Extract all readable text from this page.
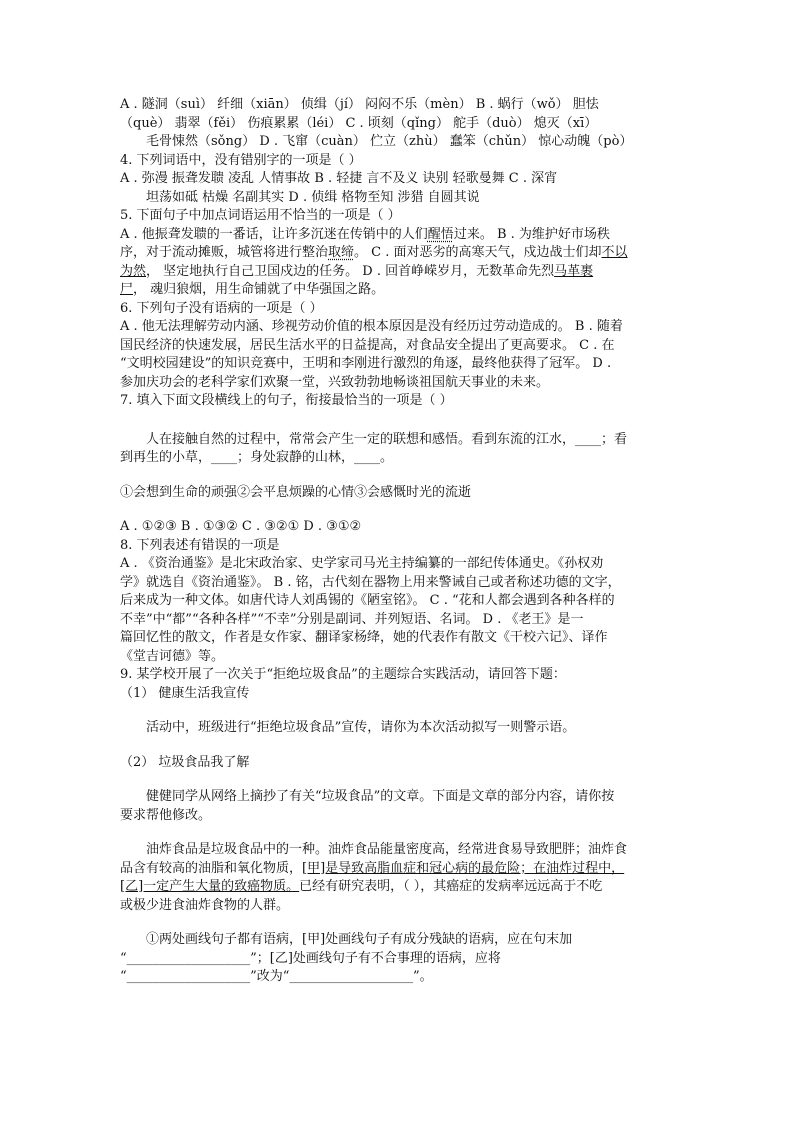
A . 隧洞（suì） 纤细（xiān） 侦缉（jí） 闷闷不乐（mèn） B . 蜗行（wǒ） 胆怯

（què） 翡翠（fěi） 伤痕累累（léi） C . 顷刻（qǐng） 舵手（duò） 熄灭（xī）

毛骨悚然（sǒng） D . 飞窜（cuàn） 伫立（zhù） 蠢笨（chǔn） 惊心动魄（pò）

4. 下列词语中，没有错别字的一项是（ ）

A . 弥漫 振聋发聩 凌乱 人情事故 B . 轻捷 言不及义 诀别 轻歌曼舞 C . 深宵

坦荡如砥 枯燥 名副其实 D . 侦缉 格物至知 涉猎 自圆其说

5. 下面句子中加点词语运用不恰当的一项是（ ）

A . 他振聋发聩的一番话，让许多沉迷在传销中的人们醒悟过来。 B . 为维护好市场秩

序，对于流动摊贩，城管将进行整治取缔。 C . 面对恶劣的高寒天气，戍边战士们却不以

为然， 坚定地执行自己卫国戍边的任务。 D . 回首峥嵘岁月，无数革命先烈马革裹

尸， 魂归狼烟，用生命铺就了中华强国之路。

6. 下列句子没有语病的一项是（ ）

A . 他无法理解劳动内涵、珍视劳动价值的根本原因是没有经历过劳动造成的。 B . 随着

国民经济的快速发展，居民生活水平的日益提高，对食品安全提出了更高要求。 C . 在

“文明校园建设”的知识竞赛中，王明和李刚进行激烈的角逐，最终他获得了冠军。 D .

参加庆功会的老科学家们欢聚一堂，兴致勃勃地畅谈祖国航天事业的未来。

7. 填入下面文段横线上的句子，衔接最恰当的一项是（ ）

人在接触自然的过程中，常常会产生一定的联想和感悟。看到东流的江水，____；看

到再生的小草，____；身处寂静的山林，____。

①会想到生命的顽强②会平息烦躁的心情③会感慨时光的流逝

A . ①②③ B . ①③② C . ③②① D . ③①②

8. 下列表述有错误的一项是

A . 《资治通鉴》是北宋政治家、史学家司马光主持编纂的一部纪传体通史。《孙权劝

学》就选自《资治通鉴》。 B . 铭，古代刻在器物上用来警诫自己或者称述功德的文字，

后来成为一种文体。如唐代诗人刘禹锡的《陋室铭》。 C . “花和人都会遇到各种各样的

不幸”中“都”“各种各样”“不幸”分别是副词、并列短语、名词。 D . 《老王》是一

篇回忆性的散文，作者是女作家、翻译家杨绛，她的代表作有散文《干校六记》、译作

《堂吉诃德》等。

9. 某学校开展了一次关于“拒绝垃圾食品”的主题综合实践活动，请回答下题：

（1） 健康生活我宣传

活动中，班级进行“拒绝垃圾食品”宣传，请你为本次活动拟写一则警示语。

（2） 垃圾食品我了解

健健同学从网络上摘抄了有关“垃圾食品”的文章。下面是文章的部分内容，请你按

要求帮他修改。

油炸食品是垃圾食品中的一种。油炸食品能量密度高，经常进食易导致肥胖；油炸食

品含有较高的油脂和氧化物质，[甲]是导致高脂血症和冠心病的最危险；在油炸过程中，

[乙]一定产生大量的致癌物质。已经有研究表明，（ ），其癌症的发病率远远高于不吃

或极少进食油炸食物的人群。

①两处画线句子都有语病，[甲]处画线句子有成分残缺的语病，应在句末加

“___________________”；[乙]处画线句子有不合事理的语病，应将

“___________________”改为“___________________”。
